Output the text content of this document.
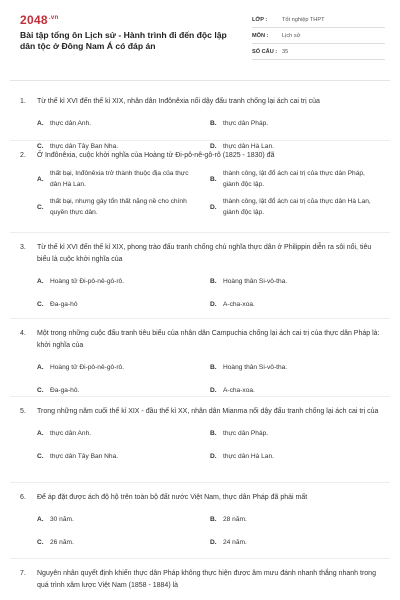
$2048^{.vn}$
Bài tập tổng ôn Lịch sử - Hành trình đi đến độc lập dân tộc ở Đông Nam Á có đáp án
LỚP :	Tốt nghiệp THPT
MÔN :	Lịch sử
SỐ CÂU : 35
1.	Từ thế kỉ XVI đến thế kỉ XIX, nhân dân Inđônêxia nổi dậy đấu tranh chống lại ách cai trị của
A. thực dân Anh.	B. thực dân Pháp.
C. thực dân Tây Ban Nha.	D. thực dân Hà Lan.
2.	Ở Inđônêxia, cuộc khởi nghĩa của Hoàng tử Đi-pô-nê-gô-rô (1825 - 1830) đã
A.
thất bại, Inđônêxia trở thành thuộc địa của thực dân Hà Lan.
B.
thành công, lật đổ ách cai trị của thực dân Pháp, giành độc lập.
C.
thất bại, nhưng gây tổn thất nặng nề cho chính quyền thực dân.
D.
thành công, lật đổ ách cai trị của thực dân Hà Lan, giành độc lập.
3.	Từ thế kỉ XVI đến thế kỉ XIX, phong trào đấu tranh chống chủ nghĩa thực dân ở Philippin diễn ra sôi nổi, tiêu biểu là cuộc khởi nghĩa của
A. Hoàng tử Đi-pô-nê-gô-rô.	B. Hoàng thân Si-vô-tha.
C. Đa-ga-hô	D. A-cha-xoa.
4.	Một trong những cuộc đấu tranh tiêu biểu của nhân dân Campuchia chống lại ách cai trị của thực dân Pháp là: khởi nghĩa của
A. Hoàng tử Đi-pô-nê-gô-rô.	B. Hoàng thân Si-vô-tha.
C. Đa-ga-hô.	D. A-cha-xoa.
5.	Trong những năm cuối thế kỉ XIX - đầu thế kỉ XX, nhân dân Mianma nổi dậy đấu tranh chống lại ách cai trị của
A. thực dân Anh.	B. thực dân Pháp.
C. thực dân Tây Ban Nha.	D. thực dân Hà Lan.
6.	Để áp đặt được ách độ hộ trên toàn bộ đất nước Việt Nam, thực dân Pháp đã phải mất
A. 30 năm.	B. 28 năm.
C. 26 năm.	D. 24 năm.
7.	Nguyên nhân quyết định khiến thực dân Pháp không thực hiện được âm mưu đánh nhanh thắng nhanh trong quá trình xâm lược Việt Nam (1858 - 1884) là
